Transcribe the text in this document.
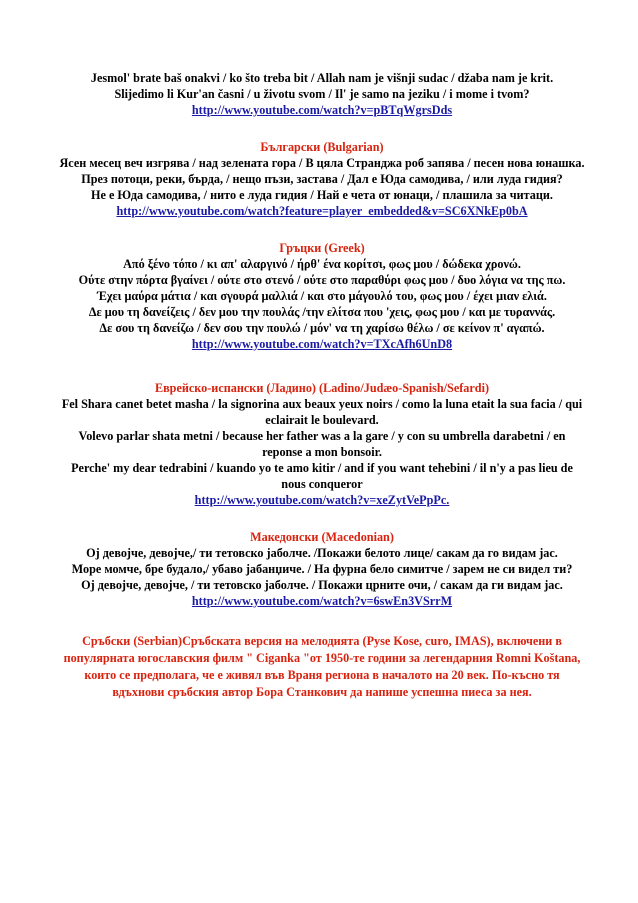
Jesmol' brate baš onakvi / ko što treba bit / Allah nam je višnji sudac / džaba nam je krit.

Slijedimo li Kur'an časni / u životu svom / Il' je samo na jeziku / i mome i tvom?

http://www.youtube.com/watch?v=pBTqWgrsDds

Български (Bulgarian)

Ясен месец веч изгрява / над зелената гора / В цяла Странджа роб запява / песен нова юнашка.

През потоци, реки, бърда, / нещо пъзи, застава / Дал е Юда самодива, / или луда гидия?

Не е Юда самодива, / нито е луда гидия / Най е чета от юнаци, / плашила за читаци.

http://www.youtube.com/watch?feature=player_embedded&v=SC6XNkEp0bA

Гръцки (Greek)

Από ξένο τόπο / κι απ' αλαργινό / ήρθ' ένα κορίτσι, φως μου / δώδεκα χρονώ.

Ούτε στην πόρτα βγαίνει / ούτε στο στενό / ούτε στο παραθύρι φως μου / δυο λόγια να της πω.

Έχει μαύρα μάτια / και σγουρά μαλλιά / και στο μάγουλό του, φως μου / έχει μιαν ελιά.

Δε μου τη δανείζεις / δεν μου την πουλάς /την ελίτσα που 'χεις, φως μου / και με τυραννάς.

Δε σου τη δανείζω / δεν σου την πουλώ / μόν' να τη χαρίσω θέλω / σε κείνον π' αγαπώ.

http://www.youtube.com/watch?v=TXcAfh6UnD8

Еврейско-испански (Ладино) (Ladino/Judæo-Spanish/Sefardi)

Fel Shara canet betet masha / la signorina aux beaux yeux noirs / como la luna etait la sua facia / qui eclairait le boulevard.

Volevo parlar shata metni / because her father was a la gare / y con su umbrella darabetni / en reponse a mon bonsoir.

Perche' my dear tedrabini / kuando yo te amo kitir / and if you want tehebini / il n'y a pas lieu de nous conqueror

http://www.youtube.com/watch?v=xeZytVePpPc.

Македонски (Macedonian)

Ој девојче, девојче,/ ти тетовско јаболче. /Покажи белото лице/ сакам да го видам јас.

Море момче, бре будало,/ убаво јабанџиче. / На фурна бело симитче / зарем не си видел ти?

Ој девојче, девојче, / ти тетовско јаболче. / Покажи црните очи, / сакам да ги видам јас.

http://www.youtube.com/watch?v=6swEn3VSrrM

Сръбски (Serbian)Сръбската версия на мелодията (Руse Kose, curo, IMAS), включени в популярната югославския филм " Ciganka "от 1950-те години за легендарния Romni Koštana, които се предполага, че е живял във Враня региона в началото на 20 век. По-късно тя вдъхнови сръбския автор Бора Станкович да напише успешна пиеса за нея.
